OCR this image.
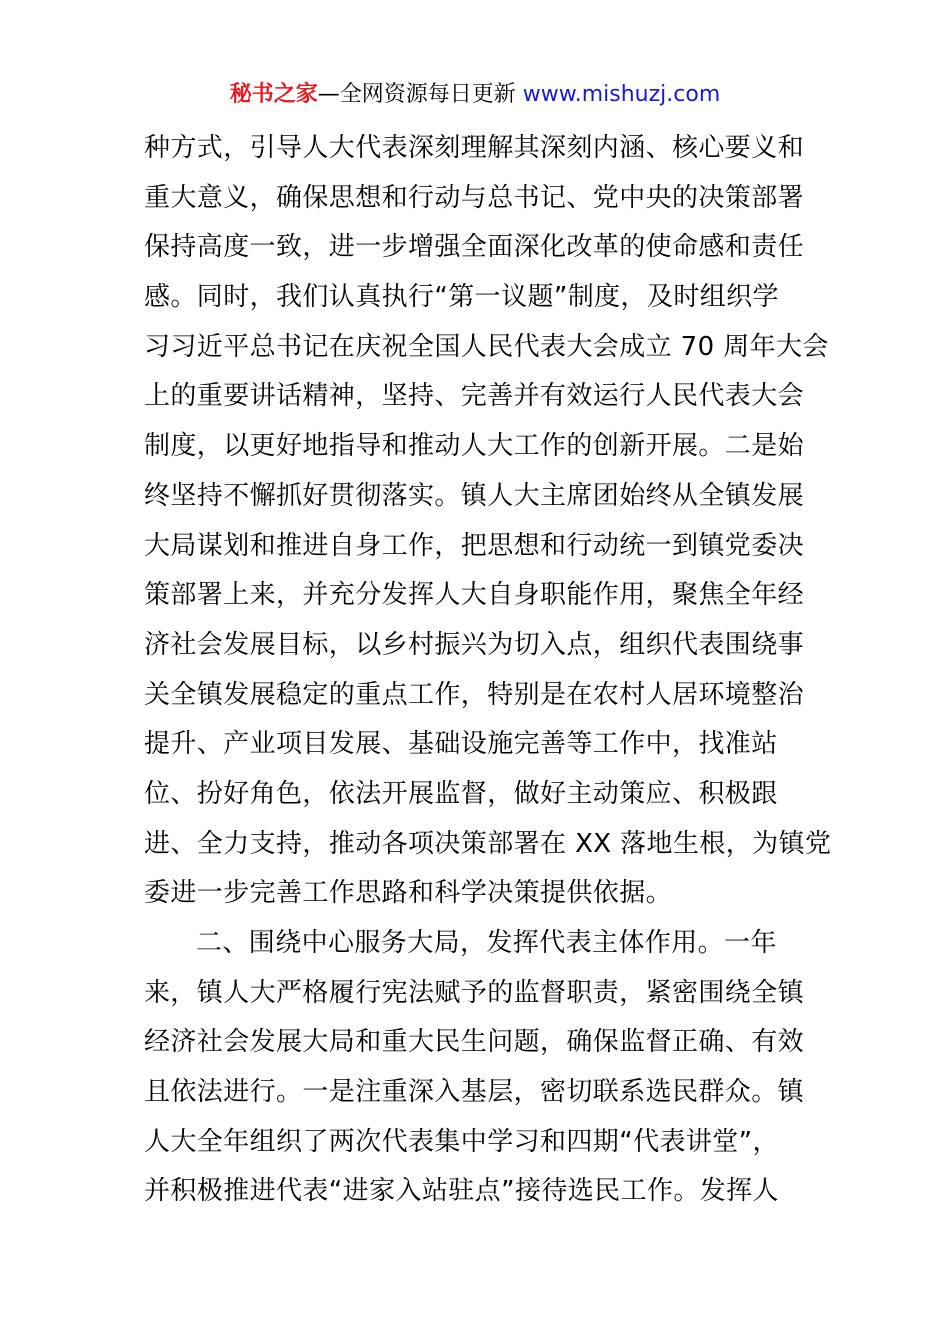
秘书之家—全网资源每日更新 www.mishuzj.com
种方式，引导人大代表深刻理解其深刻内涵、核心要义和
重大意义，确保思想和行动与总书记、党中央的决策部署
保持高度一致，进一步增强全面深化改革的使命感和责任
感。同时，我们认真执行“第一议题”制度，及时组织学
习习近平总书记在庆祝全国人民代表大会成立 70 周年大会
上的重要讲话精神，坚持、完善并有效运行人民代表大会
制度，以更好地指导和推动人大工作的创新开展。二是始
终坚持不懈抓好贯彻落实。镇人大主席团始终从全镇发展
大局谋划和推进自身工作，把思想和行动统一到镇党委决
策部署上来，并充分发挥人大自身职能作用，聚焦全年经
济社会发展目标，以乡村振兴为切入点，组织代表围绕事
关全镇发展稳定的重点工作，特别是在农村人居环境整治
提升、产业项目发展、基础设施完善等工作中，找准站
位、扮好角色，依法开展监督，做好主动策应、积极跟
进、全力支持，推动各项决策部署在 XX 落地生根，为镇党
委进一步完善工作思路和科学决策提供依据。
二、围绕中心服务大局，发挥代表主体作用。一年
来，镇人大严格履行宪法赋予的监督职责，紧密围绕全镇
经济社会发展大局和重大民生问题，确保监督正确、有效
且依法进行。一是注重深入基层，密切联系选民群众。镇
人大全年组织了两次代表集中学习和四期“代表讲堂”，
并积极推进代表“进家入站驻点”接待选民工作。发挥人
